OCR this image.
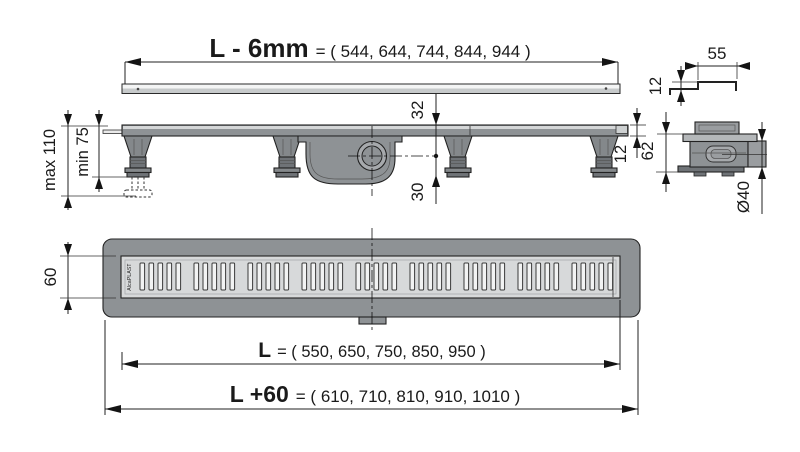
L - 6mm = ( 544, 644, 744, 844, 944 )
max 110 min 75
32
30
12 62
55
12
Ø40
AlcaPLAST
60
L = ( 550, 650, 750, 850, 950 )
L +60 = ( 610, 710, 810, 910, 1010 )
